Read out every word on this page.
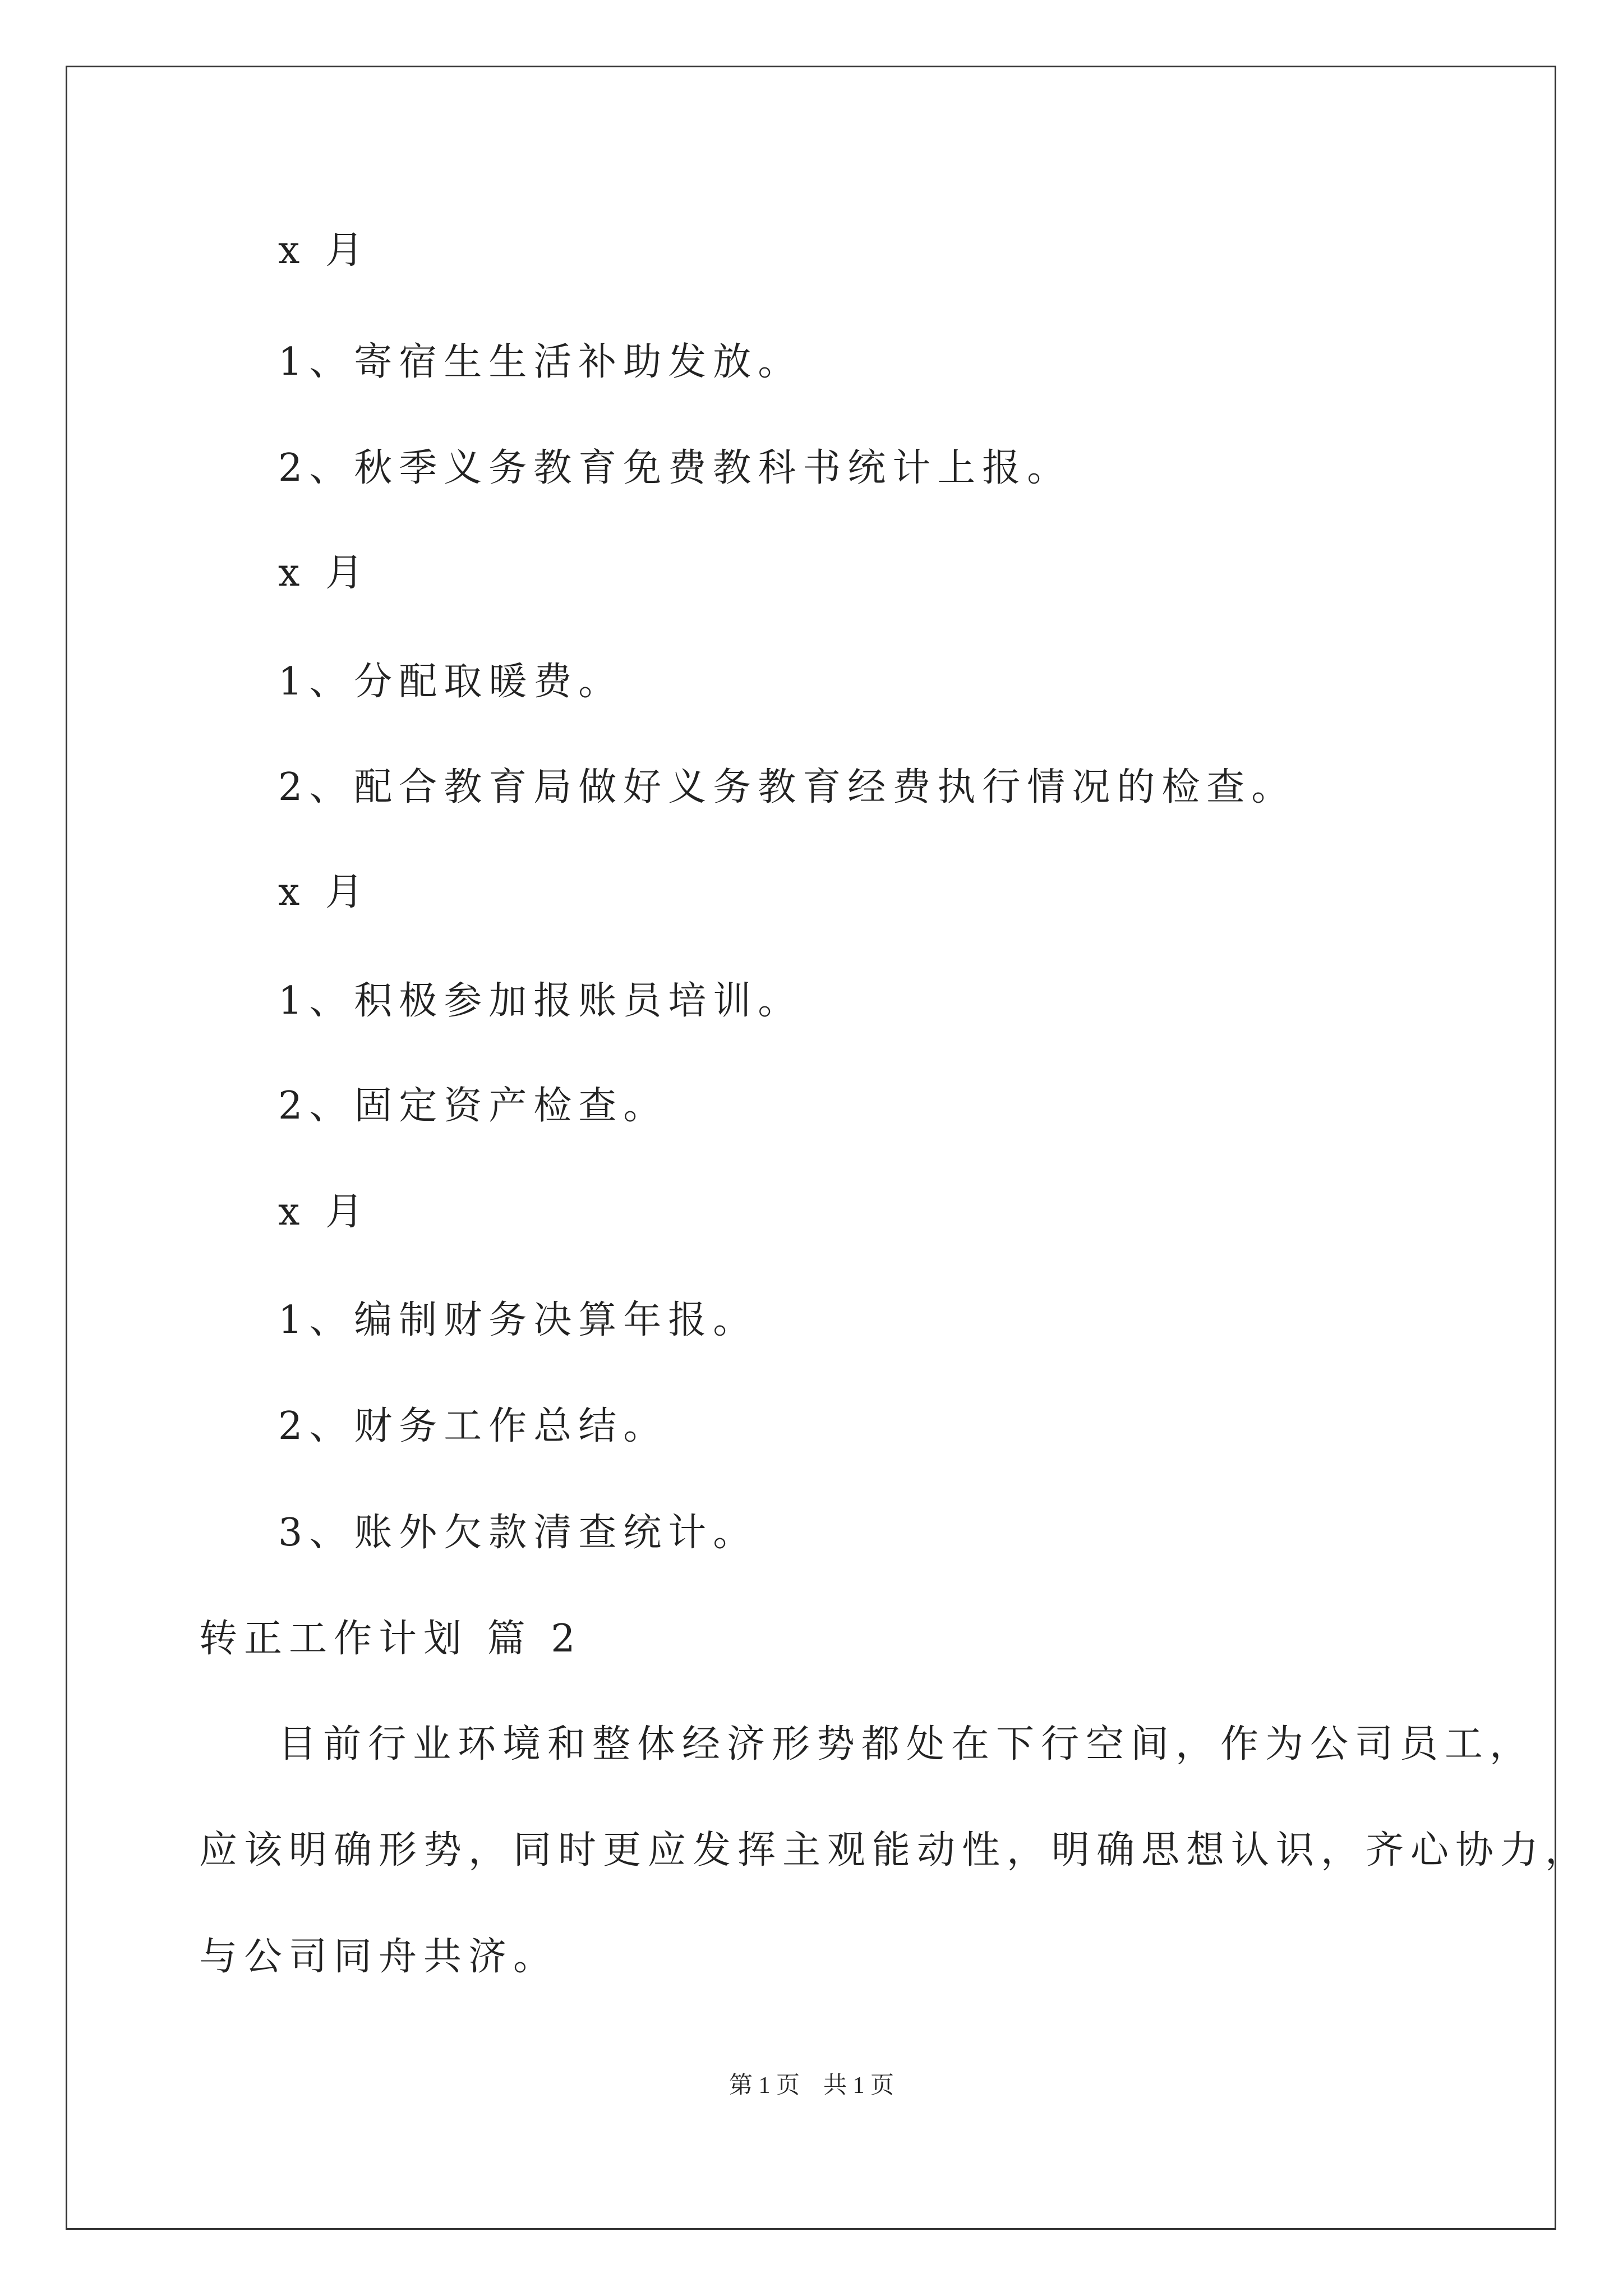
x 月
1、寄宿生生活补助发放。
2、秋季义务教育免费教科书统计上报。
x 月
1、分配取暖费。
2、配合教育局做好义务教育经费执行情况的检查。
x 月
1、积极参加报账员培训。
2、固定资产检查。
x 月
1、编制财务决算年报。
2、财务工作总结。
3、账外欠款清查统计。
转正工作计划 篇 2
目前行业环境和整体经济形势都处在下行空间，作为公司员工，
应该明确形势，同时更应发挥主观能动性，明确思想认识，齐心协力，
与公司同舟共济。
第 1 页　共 1 页
